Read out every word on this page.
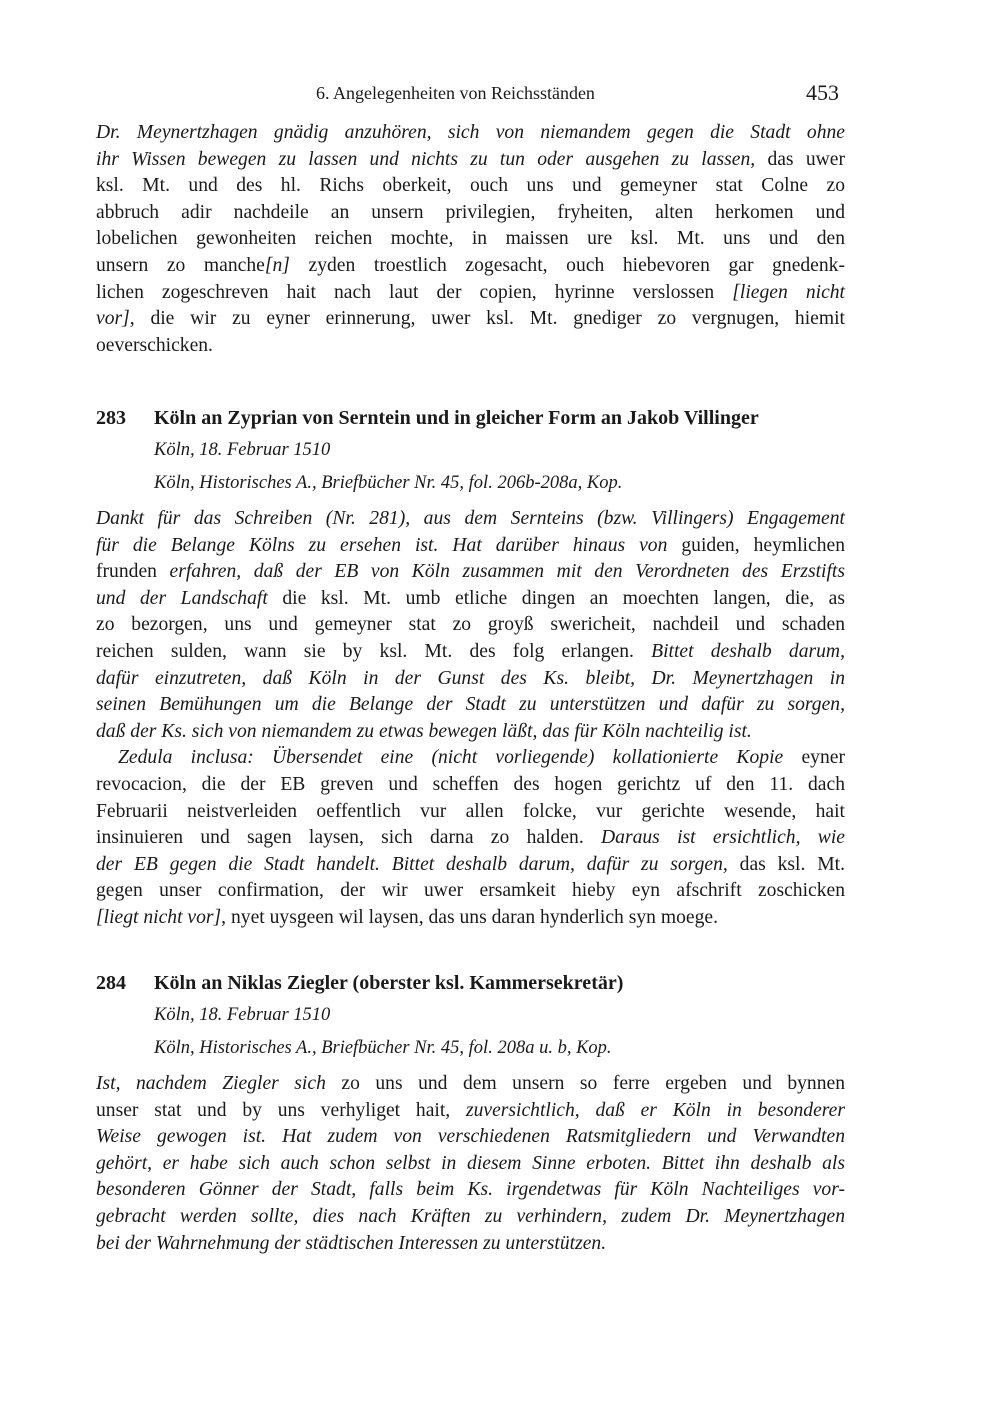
6. Angelegenheiten von Reichsständen	453
Dr. Meynertzhagen gnädig anzuhören, sich von niemandem gegen die Stadt ohne
ihr Wissen bewegen zu lassen und nichts zu tun oder ausgehen zu lassen, das uwer
ksl. Mt. und des hl. Richs oberkeit, ouch uns und gemeyner stat Colne zo
abbruch adir nachdeile an unsern privilegien, fryheiten, alten herkomen und
lobelichen gewonheiten reichen mochte, in maissen ure ksl. Mt. uns und den
unsern zo manche[n] zyden troestlich zogesacht, ouch hiebevoren gar gnedenk-
lichen zogeschreven hait nach laut der copien, hyrinne verslossen [liegen nicht
vor], die wir zu eyner erinnerung, uwer ksl. Mt. gnediger zo vergnugen, hiemit
oeverschicken.
283 Köln an Zyprian von Serntein und in gleicher Form an Jakob Villinger
Köln, 18. Februar 1510
Köln, Historisches A., Briefbücher Nr. 45, fol. 206b-208a, Kop.
Dankt für das Schreiben (Nr. 281), aus dem Sernteins (bzw. Villingers) Engagement
für die Belange Kölns zu ersehen ist. Hat darüber hinaus von guiden, heymlichen
frunden erfahren, daß der EB von Köln zusammen mit den Verordneten des Erzstifts
und der Landschaft die ksl. Mt. umb etliche dingen an moechten langen, die, as
zo bezorgen, uns und gemeyner stat zo groyß swericheit, nachdeil und schaden
reichen sulden, wann sie by ksl. Mt. des folg erlangen. Bittet deshalb darum,
dafür einzutreten, daß Köln in der Gunst des Ks. bleibt, Dr. Meynertzhagen in
seinen Bemühungen um die Belange der Stadt zu unterstützen und dafür zu sorgen,
daß der Ks. sich von niemandem zu etwas bewegen läßt, das für Köln nachteilig ist.
Zedula inclusa: Übersendet eine (nicht vorliegende) kollationierte Kopie eyner
revocacion, die der EB greven und scheffen des hogen gerichtz uf den 11. dach
Februarii neistverleiden oeffentlich vur allen folcke, vur gerichte wesende, hait
insinuieren und sagen laysen, sich darna zo halden. Daraus ist ersichtlich, wie
der EB gegen die Stadt handelt. Bittet deshalb darum, dafür zu sorgen, das ksl. Mt.
gegen unser confirmation, der wir uwer ersamkeit hieby eyn afschrift zoschicken
[liegt nicht vor], nyet uysgeen wil laysen, das uns daran hynderlich syn moege.
284 Köln an Niklas Ziegler (oberster ksl. Kammersekretär)
Köln, 18. Februar 1510
Köln, Historisches A., Briefbücher Nr. 45, fol. 208a u. b, Kop.
Ist, nachdem Ziegler sich zo uns und dem unsern so ferre ergeben und bynnen
unser stat und by uns verhyliget hait, zuversichtlich, daß er Köln in besonderer
Weise gewogen ist. Hat zudem von verschiedenen Ratsmitgliedern und Verwandten
gehört, er habe sich auch schon selbst in diesem Sinne erboten. Bittet ihn deshalb als
besonderen Gönner der Stadt, falls beim Ks. irgendetwas für Köln Nachteiliges vor-
gebracht werden sollte, dies nach Kräften zu verhindern, zudem Dr. Meynertzhagen
bei der Wahrnehmung der städtischen Interessen zu unterstützen.
